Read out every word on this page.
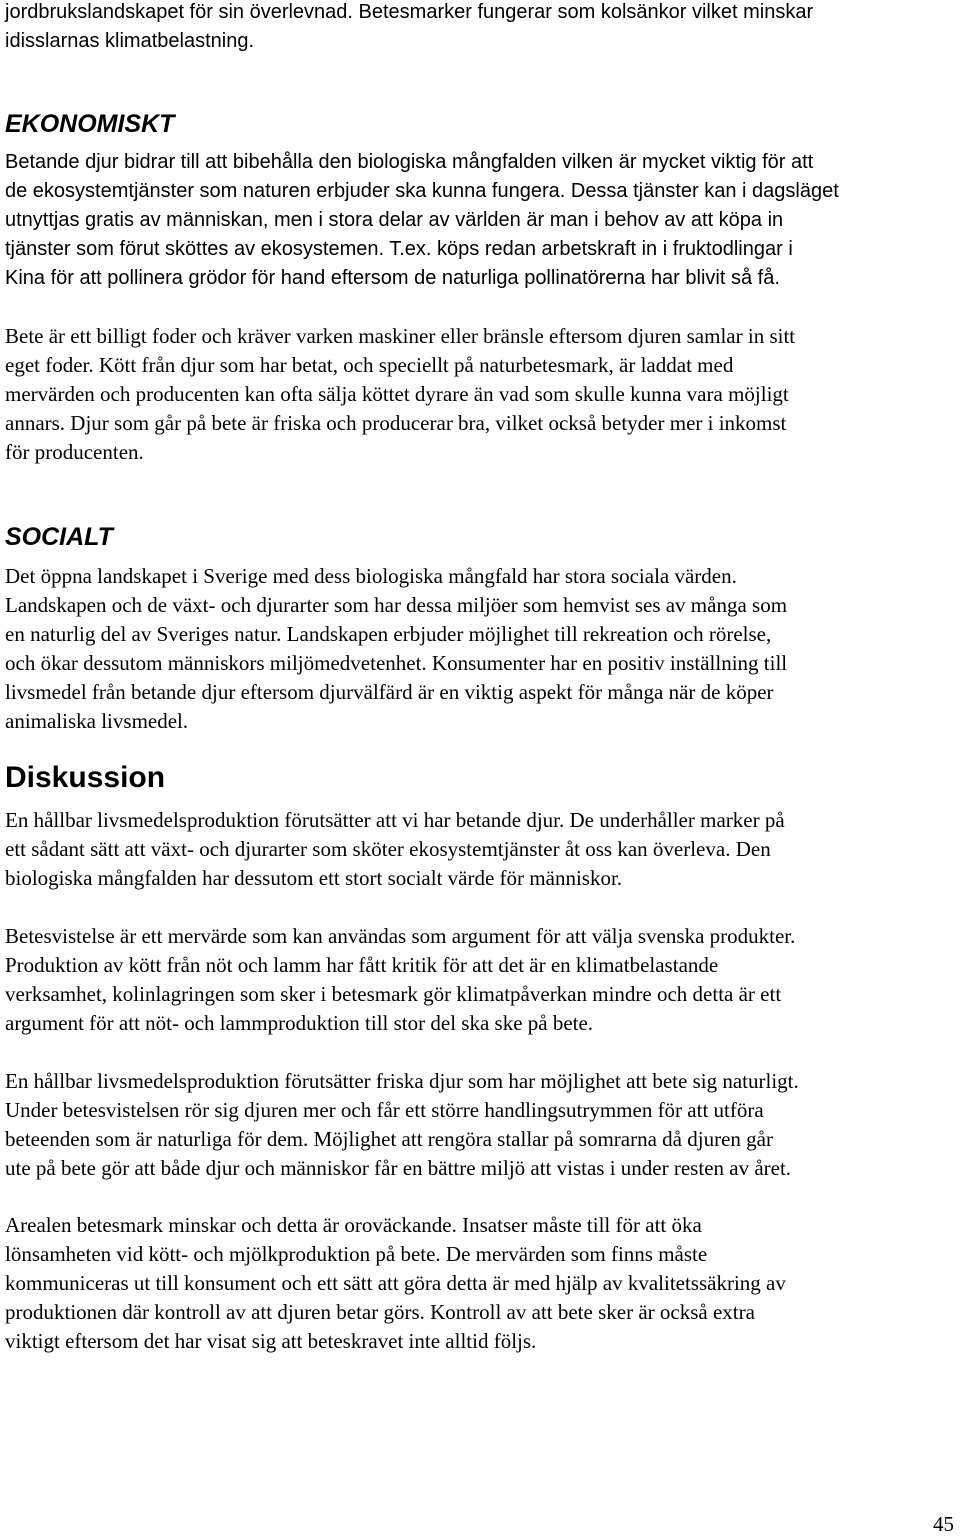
jordbrukslandskapet för sin överlevnad. Betesmarker fungerar som kolsänkor vilket minskar
idisslarnas klimatbelastning.

EKONOMISKT

Betande djur bidrar till att bibehålla den biologiska mångfalden vilken är mycket viktig för att
de ekosystemtjänster som naturen erbjuder ska kunna fungera. Dessa tjänster kan i dagsläget
utnyttjas gratis av människan, men i stora delar av världen är man i behov av att köpa in
tjänster som förut sköttes av ekosystemen. T.ex. köps redan arbetskraft in i fruktodlingar i
Kina för att pollinera grödor för hand eftersom de naturliga pollinatörerna har blivit så få.

Bete är ett billigt foder och kräver varken maskiner eller bränsle eftersom djuren samlar in sitt
eget foder. Kött från djur som har betat, och speciellt på naturbetesmark, är laddat med
mervärden och producenten kan ofta sälja köttet dyrare än vad som skulle kunna vara möjligt
annars. Djur som går på bete är friska och producerar bra, vilket också betyder mer i inkomst
för producenten.

SOCIALT

Det öppna landskapet i Sverige med dess biologiska mångfald har stora sociala värden.
Landskapen och de växt- och djurarter som har dessa miljöer som hemvist ses av många som
en naturlig del av Sveriges natur. Landskapen erbjuder möjlighet till rekreation och rörelse,
och ökar dessutom människors miljömedvetenhet. Konsumenter har en positiv inställning till
livsmedel från betande djur eftersom djurvälfärd är en viktig aspekt för många när de köper
animaliska livsmedel.

Diskussion

En hållbar livsmedelsproduktion förutsätter att vi har betande djur. De underhåller marker på
ett sådant sätt att växt- och djurarter som sköter ekosystemtjänster åt oss kan överleva. Den
biologiska mångfalden har dessutom ett stort socialt värde för människor.

Betesvistelse är ett mervärde som kan användas som argument för att välja svenska produkter.
Produktion av kött från nöt och lamm har fått kritik för att det är en klimatbelastande
verksamhet, kolinlagringen som sker i betesmark gör klimatpåverkan mindre och detta är ett
argument för att nöt- och lammproduktion till stor del ska ske på bete.

En hållbar livsmedelsproduktion förutsätter friska djur som har möjlighet att bete sig naturligt.
Under betesvistelsen rör sig djuren mer och får ett större handlingsutrymmen för att utföra
beteenden som är naturliga för dem. Möjlighet att rengöra stallar på somrarna då djuren går
ute på bete gör att både djur och människor får en bättre miljö att vistas i under resten av året.

Arealen betesmark minskar och detta är oroväckande. Insatser måste till för att öka
lönsamheten vid kött- och mjölkproduktion på bete. De mervärden som finns måste
kommuniceras ut till konsument och ett sätt att göra detta är med hjälp av kvalitetssäkring av
produktionen där kontroll av att djuren betar görs. Kontroll av att bete sker är också extra
viktigt eftersom det har visat sig att beteskravet inte alltid följs.

45
